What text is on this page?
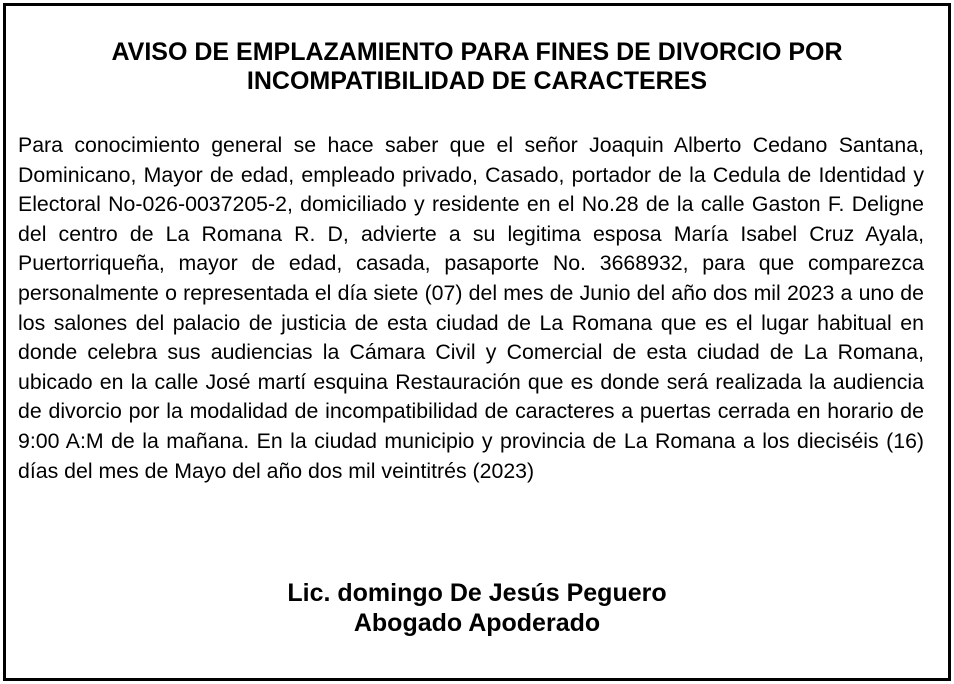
AVISO DE EMPLAZAMIENTO PARA FINES DE DIVORCIO POR
INCOMPATIBILIDAD DE CARACTERES

Para conocimiento general se hace saber que el señor Joaquin Alberto Cedano Santana, Dominicano, Mayor de edad, empleado privado, Casado, portador de la Cedula de Identidad y Electoral No-026-0037205-2, domiciliado y residente en el No.28 de la calle Gaston F. Deligne del centro de La Romana R. D, advierte a su legitima esposa María Isabel Cruz Ayala, Puertorriqueña, mayor de edad, casada, pasaporte No. 3668932, para que comparezca personalmente o representada el día siete (07) del mes de Junio del año dos mil 2023 a uno de los salones del palacio de justicia de esta ciudad de La Romana que es el lugar habitual en donde celebra sus audiencias la Cámara Civil y Comercial de esta ciudad de La Romana, ubicado en la calle José martí esquina Restauración que es donde será realizada la audiencia de divorcio por la modalidad de incompatibilidad de caracteres a puertas cerrada en horario de 9:00 A:M de la mañana. En la ciudad municipio y provincia de La Romana a los dieciséis (16) días del mes de Mayo del año dos mil veintitrés (2023)

Lic. domingo De Jesús Peguero
Abogado Apoderado
